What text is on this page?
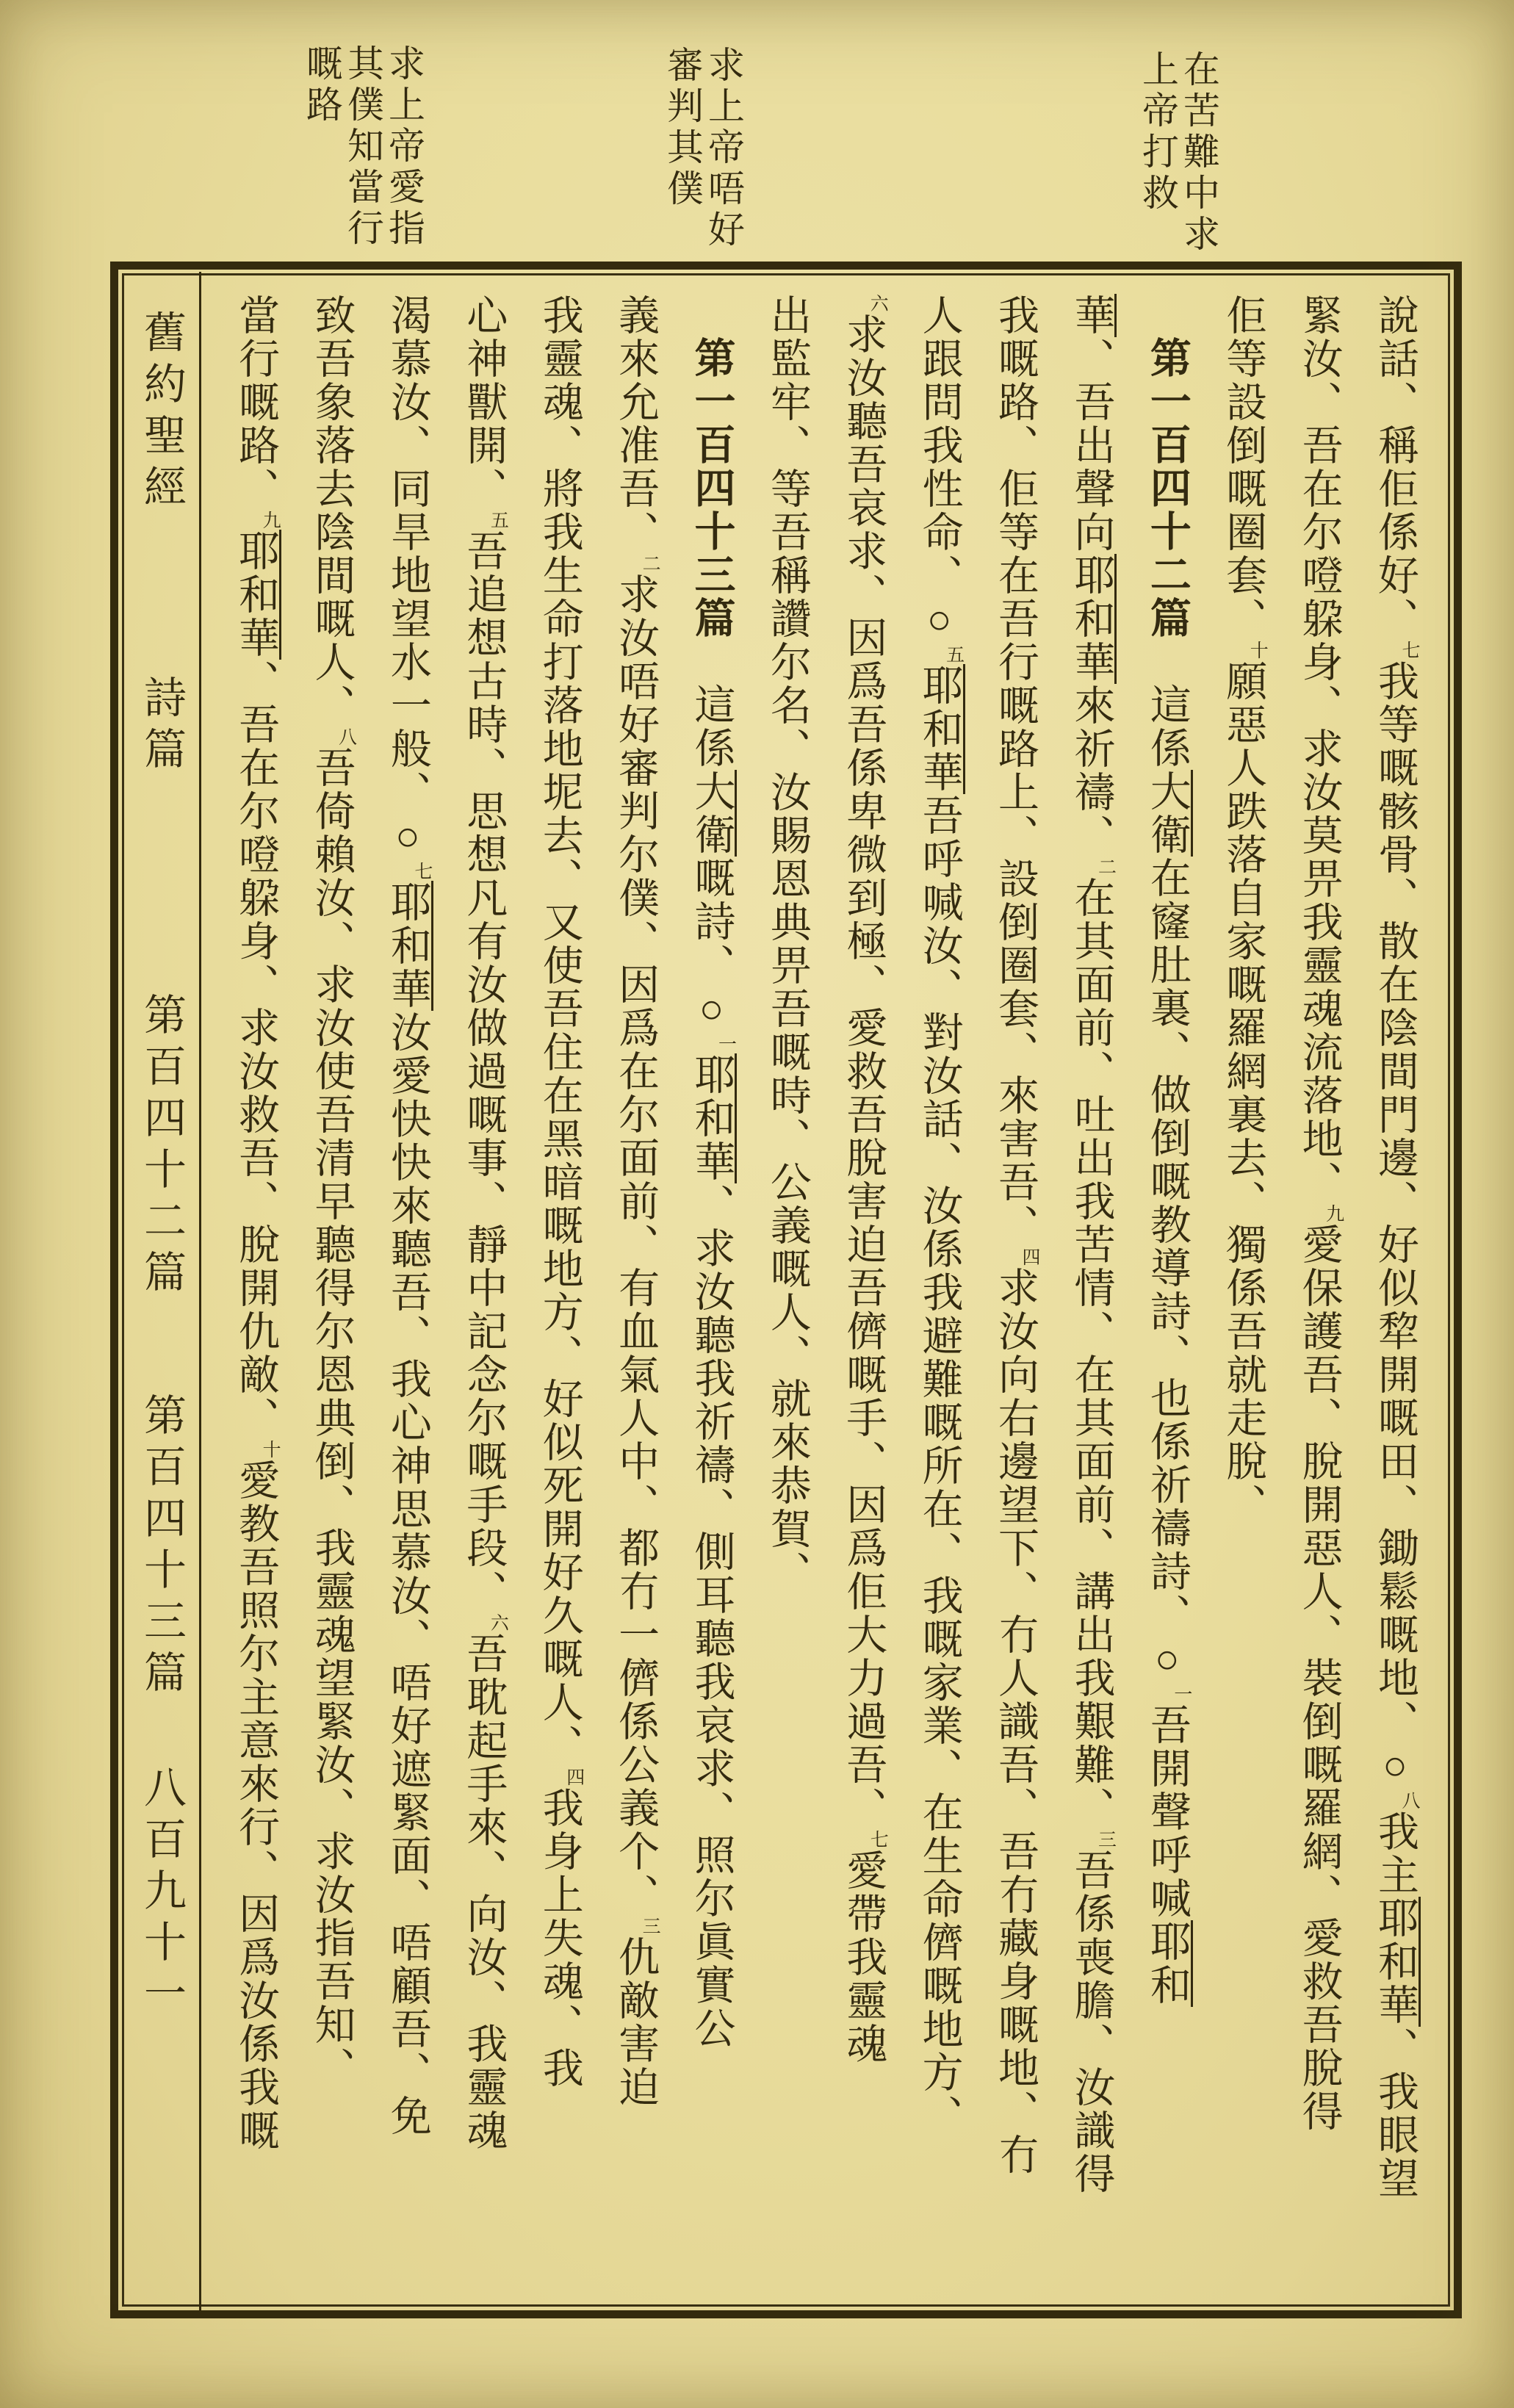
在苦難中求
上帝打救
求上帝唔好
審判其僕
求上帝愛指
其僕知當行
嘅路
舊約聖經 詩篇 第百四十二篇 第百四十三篇 八百九十一
說話、稱佢係好、七我等嘅骸骨、散在陰間門邊、好似犂開嘅田、鋤鬆嘅地、○八我主耶和華、我眼望
緊汝、吾在尔噔躱身、求汝莫畀我靈魂流落地、九愛保護吾、脫開惡人、裝倒嘅羅網、愛救吾脫得
佢等設倒嘅圈套、十願惡人跌落自家嘅羅網裏去、獨係吾就走脫、
第一百四十二篇　這係大衛在窿肚裏、做倒嘅教導詩、也係祈禱詩、○一吾開聲呼喊耶和
華、吾出聲向耶和華來祈禱、二在其面前、吐出我苦情、在其面前、講出我艱難、三吾係喪膽、汝識得
我嘅路、佢等在吾行嘅路上、設倒圈套、來害吾、四求汝向右邊望下、冇人識吾、吾冇藏身嘅地、冇
人跟問我性命、○五耶和華吾呼喊汝、對汝話、汝係我避難嘅所在、我嘅家業、在生命儕嘅地方、
六求汝聽吾哀求、因爲吾係卑微到極、愛救吾脫害迫吾儕嘅手、因爲佢大力過吾、七愛帶我靈魂
出監牢、等吾稱讚尔名、汝賜恩典畀吾嘅時、公義嘅人、就來恭賀、
第一百四十三篇　這係大衛嘅詩、○一耶和華、求汝聽我祈禱、側耳聽我哀求、照尔眞實公
義來允准吾、二求汝唔好審判尔僕、因爲在尔面前、有血氣人中、都冇一儕係公義个、三仇敵害迫
我靈魂、將我生命打落地坭去、又使吾住在黑暗嘅地方、好似死開好久嘅人、四我身上失魂、我
心神獸開、五吾追想古時、思想凡有汝做過嘅事、靜中記念尔嘅手段、六吾耽起手來、向汝、我靈魂
渴慕汝、同旱地望水一般、○七耶和華汝愛快快來聽吾、我心神思慕汝、唔好遮緊面、唔顧吾、免
致吾象落去陰間嘅人、八吾倚賴汝、求汝使吾清早聽得尔恩典倒、我靈魂望緊汝、求汝指吾知、
當行嘅路、九耶和華、吾在尔噔躱身、求汝救吾、脫開仇敵、十愛教吾照尔主意來行、因爲汝係我嘅
